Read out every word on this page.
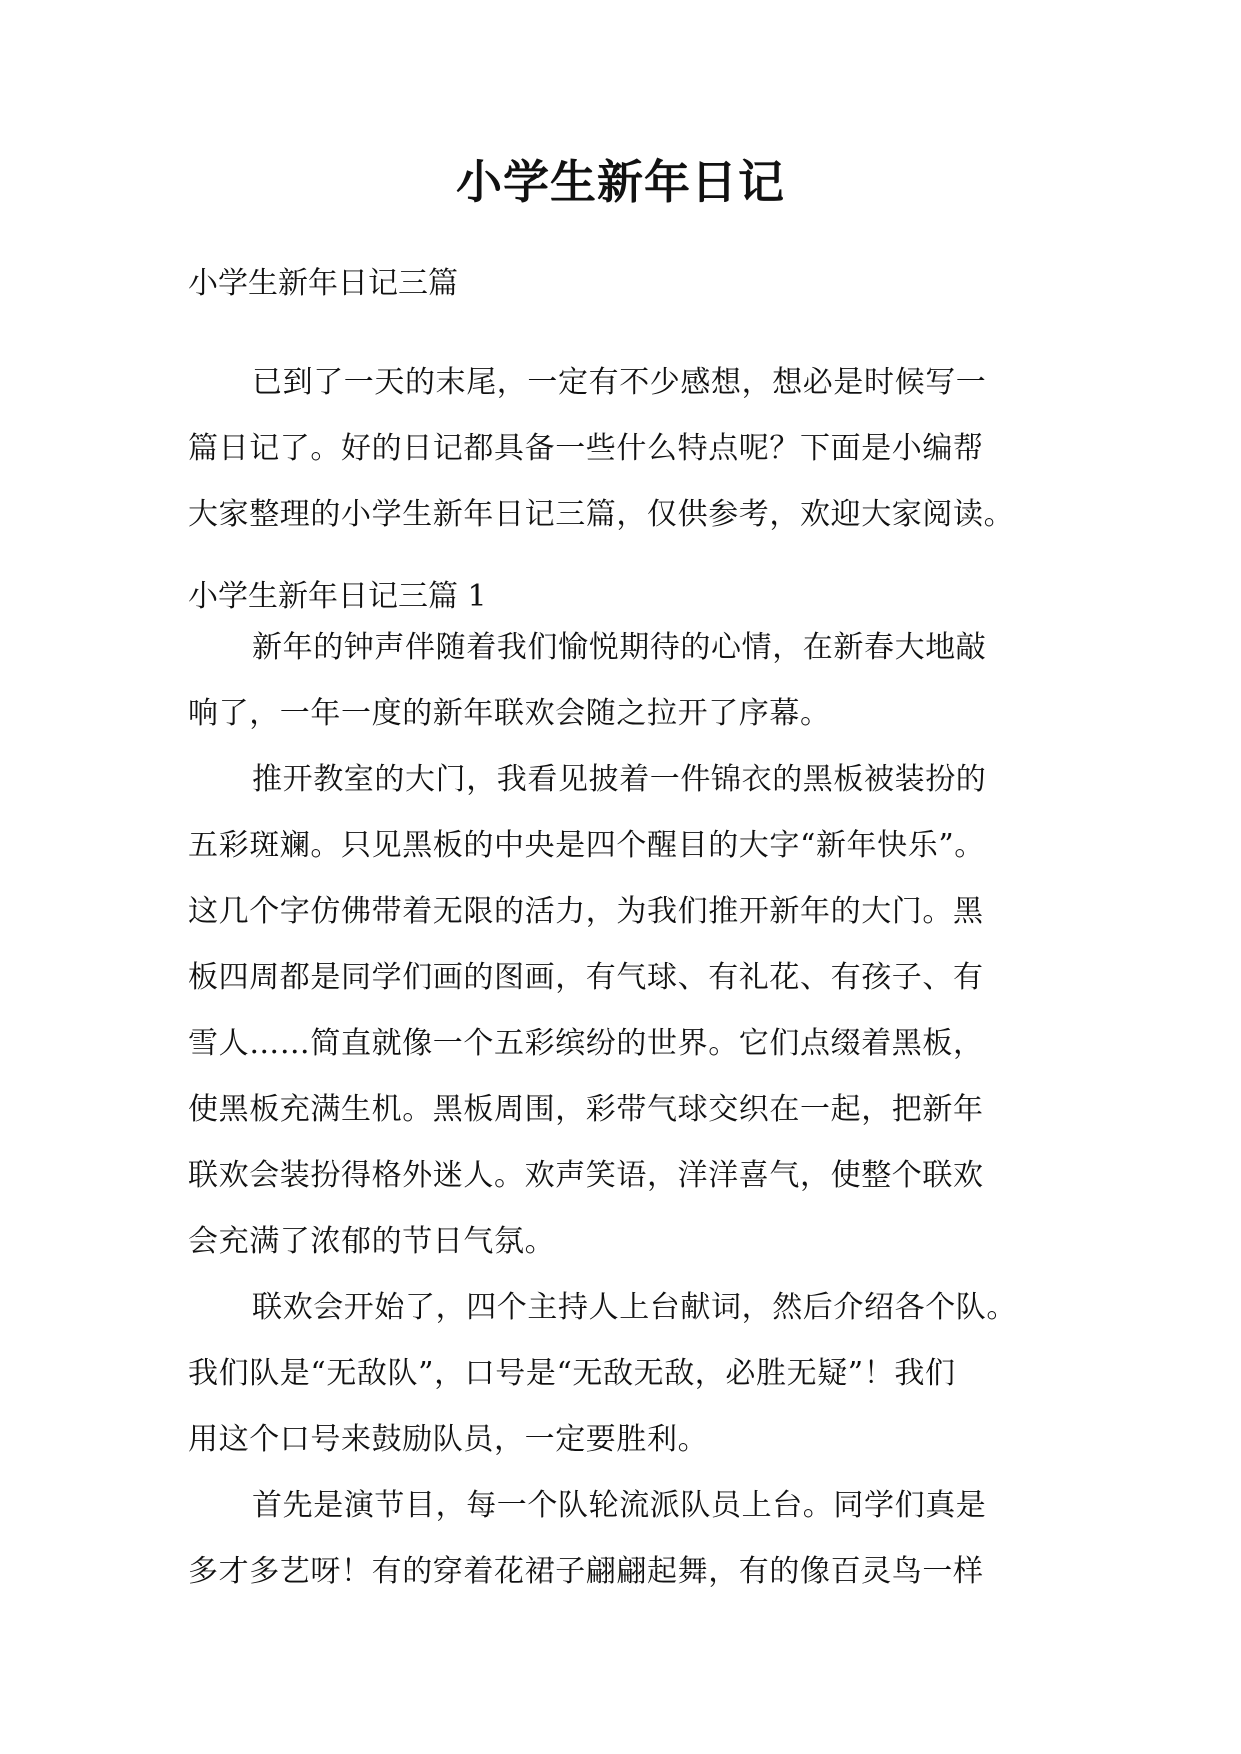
小学生新年日记

小学生新年日记三篇

已到了一天的末尾，一定有不少感想，想必是时候写一
篇日记了。好的日记都具备一些什么特点呢？下面是小编帮
大家整理的小学生新年日记三篇，仅供参考，欢迎大家阅读。

小学生新年日记三篇 1

新年的钟声伴随着我们愉悦期待的心情，在新春大地敲
响了，一年一度的新年联欢会随之拉开了序幕。
推开教室的大门，我看见披着一件锦衣的黑板被装扮的
五彩斑斓。只见黑板的中央是四个醒目的大字“新年快乐”。
这几个字仿佛带着无限的活力，为我们推开新年的大门。黑
板四周都是同学们画的图画，有气球、有礼花、有孩子、有
雪人……简直就像一个五彩缤纷的世界。它们点缀着黑板，
使黑板充满生机。黑板周围，彩带气球交织在一起，把新年
联欢会装扮得格外迷人。欢声笑语，洋洋喜气，使整个联欢
会充满了浓郁的节日气氛。
联欢会开始了，四个主持人上台献词，然后介绍各个队。
我们队是“无敌队”，口号是“无敌无敌，必胜无疑”！我们
用这个口号来鼓励队员，一定要胜利。
首先是演节目，每一个队轮流派队员上台。同学们真是
多才多艺呀！有的穿着花裙子翩翩起舞，有的像百灵鸟一样
